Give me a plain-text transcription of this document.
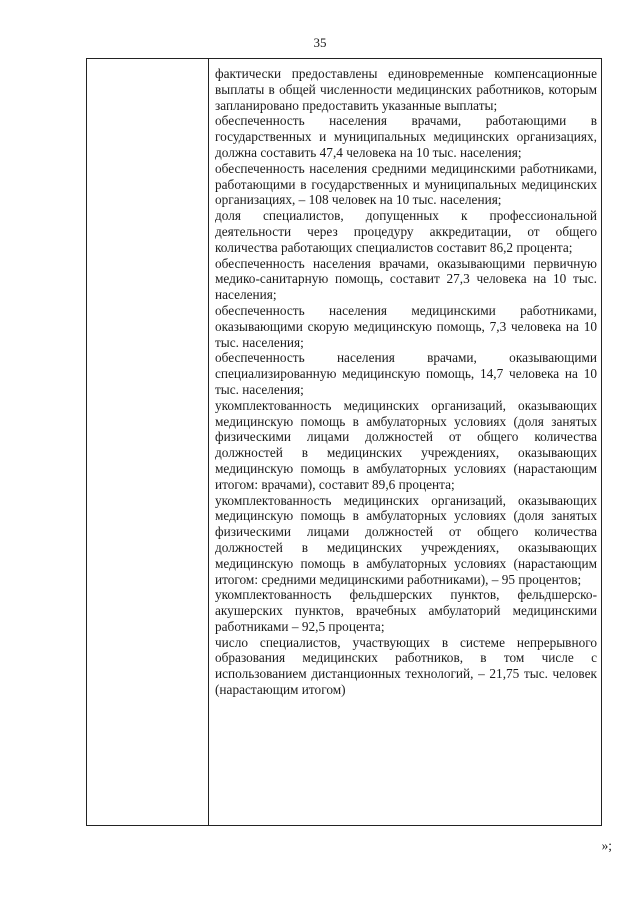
35

фактически предоставлены единовременные компенсационные выплаты в общей численности медицинских работников, которым запланировано предоставить указанные выплаты;

обеспеченность населения врачами, работающими в государственных и муниципальных медицинских организациях, должна составить 47,4 человека на 10 тыс. населения;

обеспеченность населения средними медицинскими работниками, работающими в государственных и муниципальных медицинских организациях, – 108 человек на 10 тыс. населения;

доля специалистов, допущенных к профессиональной деятельности через процедуру аккредитации, от общего количества работающих специалистов составит 86,2 процента;

обеспеченность населения врачами, оказывающими первичную медико-санитарную помощь, составит 27,3 человека на 10 тыс. населения;

обеспеченность населения медицинскими работниками, оказывающими скорую медицинскую помощь, 7,3 человека на 10 тыс. населения;

обеспеченность населения врачами, оказывающими специализированную медицинскую помощь, 14,7 человека на 10 тыс. населения;

укомплектованность медицинских организаций, оказывающих медицинскую помощь в амбулаторных условиях (доля занятых физическими лицами должностей от общего количества должностей в медицинских учреждениях, оказывающих медицинскую помощь в амбулаторных условиях (нарастающим итогом: врачами), составит 89,6 процента;

укомплектованность медицинских организаций, оказывающих медицинскую помощь в амбулаторных условиях (доля занятых физическими лицами должностей от общего количества должностей в медицинских учреждениях, оказывающих медицинскую помощь в амбулаторных условиях (нарастающим итогом: средними медицинскими работниками), – 95 процентов;

укомплектованность фельдшерских пунктов, фельдшерско-акушерских пунктов, врачебных амбулаторий медицинскими работниками – 92,5 процента;

число специалистов, участвующих в системе непрерывного образования медицинских работников, в том числе с использованием дистанционных технологий, – 21,75 тыс. человек (нарастающим итогом)

»;
